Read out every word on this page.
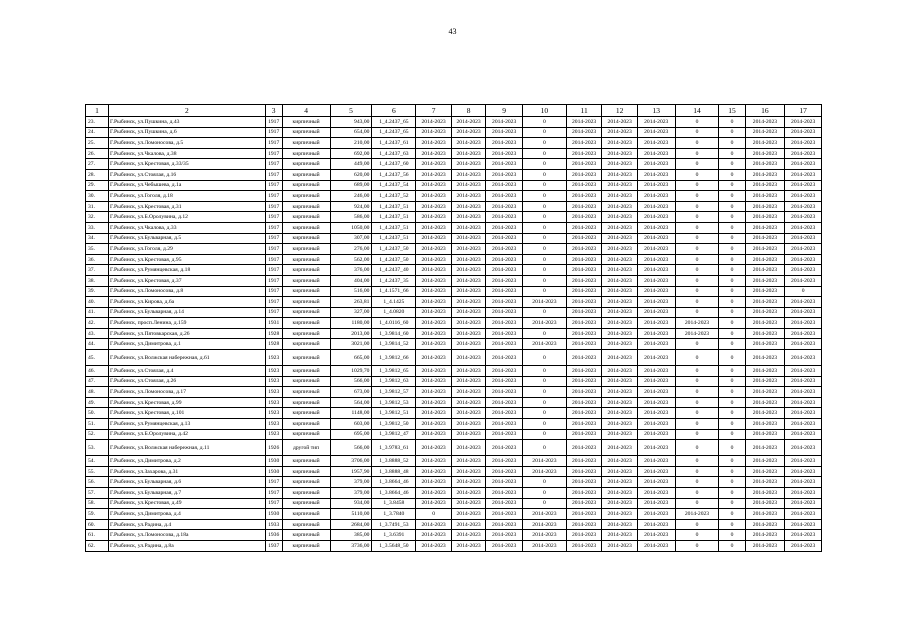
43
1	2	3	4	5	6	7	8	9	10	11	12	13	14	15	16	17
23.	Г.Рыбинск, ул.Пушкина, д.43	1917	кирпичный	943,00	1_4.2437_65	2014-2023	2014-2023	2014-2023	0	2014-2023	2014-2023	2014-2023	0	0	2014-2023	2014-2023
24.	Г.Рыбинск, ул.Пушкина, д.6	1917	кирпичный	654,00	1_4.2437_65	2014-2023	2014-2023	2014-2023	0	2014-2023	2014-2023	2014-2023	0	0	2014-2023	2014-2023
25.	Г.Рыбинск, ул.Ломоносова, д.5	1917	кирпичный	210,00	1_4.2437_61	2014-2023	2014-2023	2014-2023	0	2014-2023	2014-2023	2014-2023	0	0	2014-2023	2014-2023
26.	Г.Рыбинск, ул.Чкалова, д.38	1917	кирпичный	692,00	1_4.2437_63	2014-2023	2014-2023	2014-2023	0	2014-2023	2014-2023	2014-2023	0	0	2014-2023	2014-2023
27.	Г.Рыбинск, ул.Крестовая, д.33/35	1917	кирпичный	449,00	1_4.2437_60	2014-2023	2014-2023	2014-2023	0	2014-2023	2014-2023	2014-2023	0	0	2014-2023	2014-2023
28.	Г.Рыбинск, ул.Стоялая, д.16	1917	кирпичный	620,00	1_4.2437_56	2014-2023	2014-2023	2014-2023	0	2014-2023	2014-2023	2014-2023	0	0	2014-2023	2014-2023
29.	Г.Рыбинск, ул.Чебышева, д.1а	1917	кирпичный	689,00	1_4.2437_54	2014-2023	2014-2023	2014-2023	0	2014-2023	2014-2023	2014-2023	0	0	2014-2023	2014-2023
30.	Г.Рыбинск, ул.Гоголя, д.18	1917	кирпичный	246,00	1_4.2437_52	2014-2023	2014-2023	2014-2023	0	2014-2023	2014-2023	2014-2023	0	0	2014-2023	2014-2023
31.	Г.Рыбинск, ул.Крестовая, д.31	1917	кирпичный	924,00	1_4.2437_51	2014-2023	2014-2023	2014-2023	0	2014-2023	2014-2023	2014-2023	0	0	2014-2023	2014-2023
32.	Г.Рыбинск, ул.Б.Оролувина, д.12	1917	кирпичный	586,00	1_4.2437_51	2014-2023	2014-2023	2014-2023	0	2014-2023	2014-2023	2014-2023	0	0	2014-2023	2014-2023
33.	Г.Рыбинск, ул.Чкалова, д.33	1917	кирпичный	1050,00	1_4.2437_51	2014-2023	2014-2023	2014-2023	0	2014-2023	2014-2023	2014-2023	0	0	2014-2023	2014-2023
34.	Г.Рыбинск, ул.Бульварная, д.5	1917	кирпичный	307,00	1_4.2437_51	2014-2023	2014-2023	2014-2023	0	2014-2023	2014-2023	2014-2023	0	0	2014-2023	2014-2023
35.	Г.Рыбинск, ул.Гоголя, д.29	1917	кирпичный	276,00	1_4.2437_50	2014-2023	2014-2023	2014-2023	0	2014-2023	2014-2023	2014-2023	0	0	2014-2023	2014-2023
36.	Г.Рыбинск, ул.Крестовая, д.95	1917	кирпичный	562,00	1_4.2437_50	2014-2023	2014-2023	2014-2023	0	2014-2023	2014-2023	2014-2023	0	0	2014-2023	2014-2023
37.	Г.Рыбинск, ул.Румянцевская, д.18	1917	кирпичный	376,00	1_4.2437_40	2014-2023	2014-2023	2014-2023	0	2014-2023	2014-2023	2014-2023	0	0	2014-2023	2014-2023
38.	Г.Рыбинск, ул.Крестовая, д.37	1917	кирпичный	404,00	1_4.2437_35	2014-2023	2014-2023	2014-2023	0	2014-2023	2014-2023	2014-2023	0	0	2014-2023	2014-2023
39.	Г.Рыбинск, ул.Ломоносова, д.8	1917	кирпичный	516,00	1_4.1571_66	2014-2023	2014-2023	2014-2023	0	2014-2023	2014-2023	2014-2023	0	0	2014-2023	0
40.	Г.Рыбинск, ул.Кирова, д.6а	1917	кирпичный	263,81	1_4.1425	2014-2023	2014-2023	2014-2023	2014-2023	2014-2023	2014-2023	2014-2023	0	0	2014-2023	2014-2023
41.	Г.Рыбинск, ул.Бульварная, д.14	1917	кирпичный	327,00	1_4.0820	2014-2023	2014-2023	2014-2023	0	2014-2023	2014-2023	2014-2023	0	0	2014-2023	2014-2023
42.	Г.Рыбинск, просп.Ленина, д.159	1931	кирпичный	1180,00	1_4.0116_60	2014-2023	2014-2023	2014-2023	2014-2023	2014-2023	2014-2023	2014-2023	2014-2023	0	2014-2023	2014-2023
43.	Г.Рыбинск, ул.Пятовкарская, д.26	1928	кирпичный	2013,00	1_3.9814_60	2014-2023	2014-2023	2014-2023	0	2014-2023	2014-2023	2014-2023	2014-2023	0	2014-2023	2014-2023
44.	Г.Рыбинск, ул.Димитрова, д.1	1928	кирпичный	3021,00	1_3.9814_52	2014-2023	2014-2023	2014-2023	2014-2023	2014-2023	2014-2023	2014-2023	0	0	2014-2023	2014-2023
45.	Г.Рыбинск, ул.Волжская набережная, д.61	1923	кирпичный	665,00	1_3.9812_66	2014-2023	2014-2023	2014-2023	0	2014-2023	2014-2023	2014-2023	0	0	2014-2023	2014-2023
46.	Г.Рыбинск, ул.Стоялая, д.4	1923	кирпичный	1029,70	1_3.9812_65	2014-2023	2014-2023	2014-2023	0	2014-2023	2014-2023	2014-2023	0	0	2014-2023	2014-2023
47.	Г.Рыбинск, ул.Стоялая, д.26	1923	кирпичный	566,00	1_3.9812_63	2014-2023	2014-2023	2014-2023	0	2014-2023	2014-2023	2014-2023	0	0	2014-2023	2014-2023
48.	Г.Рыбинск, ул.Ломоносова, д.17	1923	кирпичный	673,00	1_3.9812_57	2014-2023	2014-2023	2014-2023	0	2014-2023	2014-2023	2014-2023	0	0	2014-2023	2014-2023
49.	Г.Рыбинск, ул.Крестовая, д.99	1923	кирпичный	564,00	1_3.9812_53	2014-2023	2014-2023	2014-2023	0	2014-2023	2014-2023	2014-2023	0	0	2014-2023	2014-2023
50.	Г.Рыбинск, ул.Крестовая, д.101	1923	кирпичный	1148,00	1_3.9812_51	2014-2023	2014-2023	2014-2023	0	2014-2023	2014-2023	2014-2023	0	0	2014-2023	2014-2023
51.	Г.Рыбинск, ул.Румянцевская, д.13	1923	кирпичный	603,00	1_3.9812_50	2014-2023	2014-2023	2014-2023	0	2014-2023	2014-2023	2014-2023	0	0	2014-2023	2014-2023
52.	Г.Рыбинск, ул.Б.Оролувина, д.42	1923	кирпичный	695,00	1_3.9812_47	2014-2023	2014-2023	2014-2023	0	2014-2023	2014-2023	2014-2023	0	0	2014-2023	2014-2023
53.	Г.Рыбинск, ул.Волжская набережная, д.11	1926	другой тип	566,00	1_3.9783_61	2014-2023	2014-2023	2014-2023	0	2014-2023	2014-2023	2014-2023	0	0	2014-2023	2014-2023
54.	Г.Рыбинск, ул.Димитрова, д.2	1930	кирпичный	3706,00	1_3.8888_52	2014-2023	2014-2023	2014-2023	2014-2023	2014-2023	2014-2023	2014-2023	0	0	2014-2023	2014-2023
55.	Г.Рыбинск, ул.Захарова, д.31	1930	кирпичный	1957,90	1_3.8888_48	2014-2023	2014-2023	2014-2023	2014-2023	2014-2023	2014-2023	2014-2023	0	0	2014-2023	2014-2023
56.	Г.Рыбинск, ул.Бульварная, д.6	1917	кирпичный	379,00	1_3.8664_46	2014-2023	2014-2023	2014-2023	0	2014-2023	2014-2023	2014-2023	0	0	2014-2023	2014-2023
57.	Г.Рыбинск, ул.Бульварная, д.7	1917	кирпичный	379,00	1_3.8664_46	2014-2023	2014-2023	2014-2023	0	2014-2023	2014-2023	2014-2023	0	0	2014-2023	2014-2023
58.	Г.Рыбинск, ул.Крестовая, д.49	1917	кирпичный	934,00	1_3.8458	2014-2023	2014-2023	2014-2023	0	2014-2023	2014-2023	2014-2023	0	0	2014-2023	2014-2023
59.	Г.Рыбинск, ул.Димитрова, д.4	1930	кирпичный	5110,00	1_3.7840	0	2014-2023	2014-2023	2014-2023	2014-2023	2014-2023	2014-2023	2014-2023	0	2014-2023	2014-2023
60.	Г.Рыбинск, ул.Радина, д.4	1933	кирпичный	2684,00	1_3.7491_53	2014-2023	2014-2023	2014-2023	2014-2023	2014-2023	2014-2023	2014-2023	0	0	2014-2023	2014-2023
61.	Г.Рыбинск, ул.Ломоносова, д.18а	1936	кирпичный	385,00	1_3.6391	2014-2023	2014-2023	2014-2023	2014-2023	2014-2023	2014-2023	2014-2023	0	0	2014-2023	2014-2023
62.	Г.Рыбинск, ул.Радина, д.8а	1937	кирпичный	3736,00	1_3.5648_50	2014-2023	2014-2023	2014-2023	2014-2023	2014-2023	2014-2023	2014-2023	0	0	2014-2023	2014-2023
